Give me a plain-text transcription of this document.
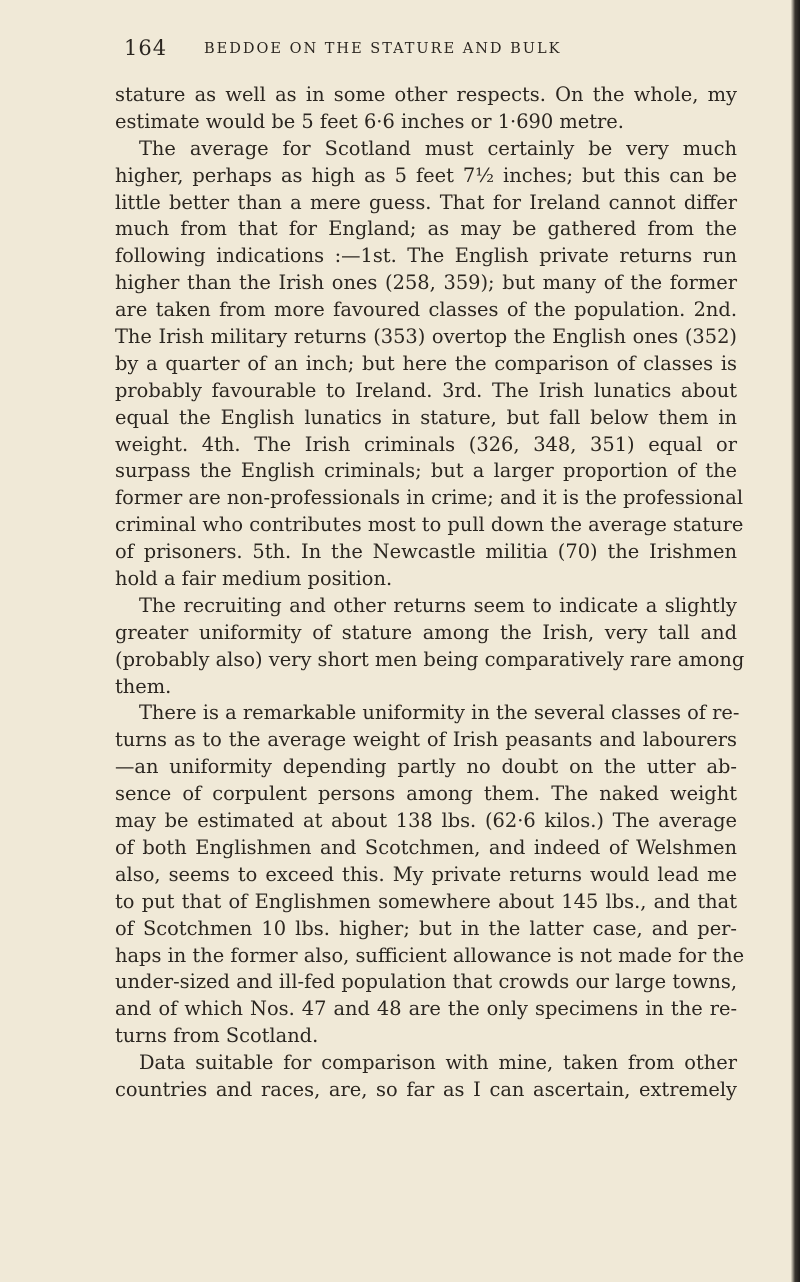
164	BEDDOE ON THE STATURE AND BULK
stature as well as in some other respects. On the whole, my
estimate would be 5 feet 6·6 inches or 1·690 metre.
The average for Scotland must certainly be very much
higher, perhaps as high as 5 feet 7½ inches; but this can be
little better than a mere guess. That for Ireland cannot differ
much from that for England; as may be gathered from the
following indications :—1st. The English private returns run
higher than the Irish ones (258, 359); but many of the former
are taken from more favoured classes of the population. 2nd.
The Irish military returns (353) overtop the English ones (352)
by a quarter of an inch; but here the comparison of classes is
probably favourable to Ireland. 3rd. The Irish lunatics about
equal the English lunatics in stature, but fall below them in
weight. 4th. The Irish criminals (326, 348, 351) equal or
surpass the English criminals; but a larger proportion of the
former are non-professionals in crime; and it is the professional
criminal who contributes most to pull down the average stature
of prisoners. 5th. In the Newcastle militia (70) the Irishmen
hold a fair medium position.
The recruiting and other returns seem to indicate a slightly
greater uniformity of stature among the Irish, very tall and
(probably also) very short men being comparatively rare among
them.
There is a remarkable uniformity in the several classes of re-
turns as to the average weight of Irish peasants and labourers
—an uniformity depending partly no doubt on the utter ab-
sence of corpulent persons among them. The naked weight
may be estimated at about 138 lbs. (62·6 kilos.) The average
of both Englishmen and Scotchmen, and indeed of Welshmen
also, seems to exceed this. My private returns would lead me
to put that of Englishmen somewhere about 145 lbs., and that
of Scotchmen 10 lbs. higher; but in the latter case, and per-
haps in the former also, sufficient allowance is not made for the
under-sized and ill-fed population that crowds our large towns,
and of which Nos. 47 and 48 are the only specimens in the re-
turns from Scotland.
Data suitable for comparison with mine, taken from other
countries and races, are, so far as I can ascertain, extremely
